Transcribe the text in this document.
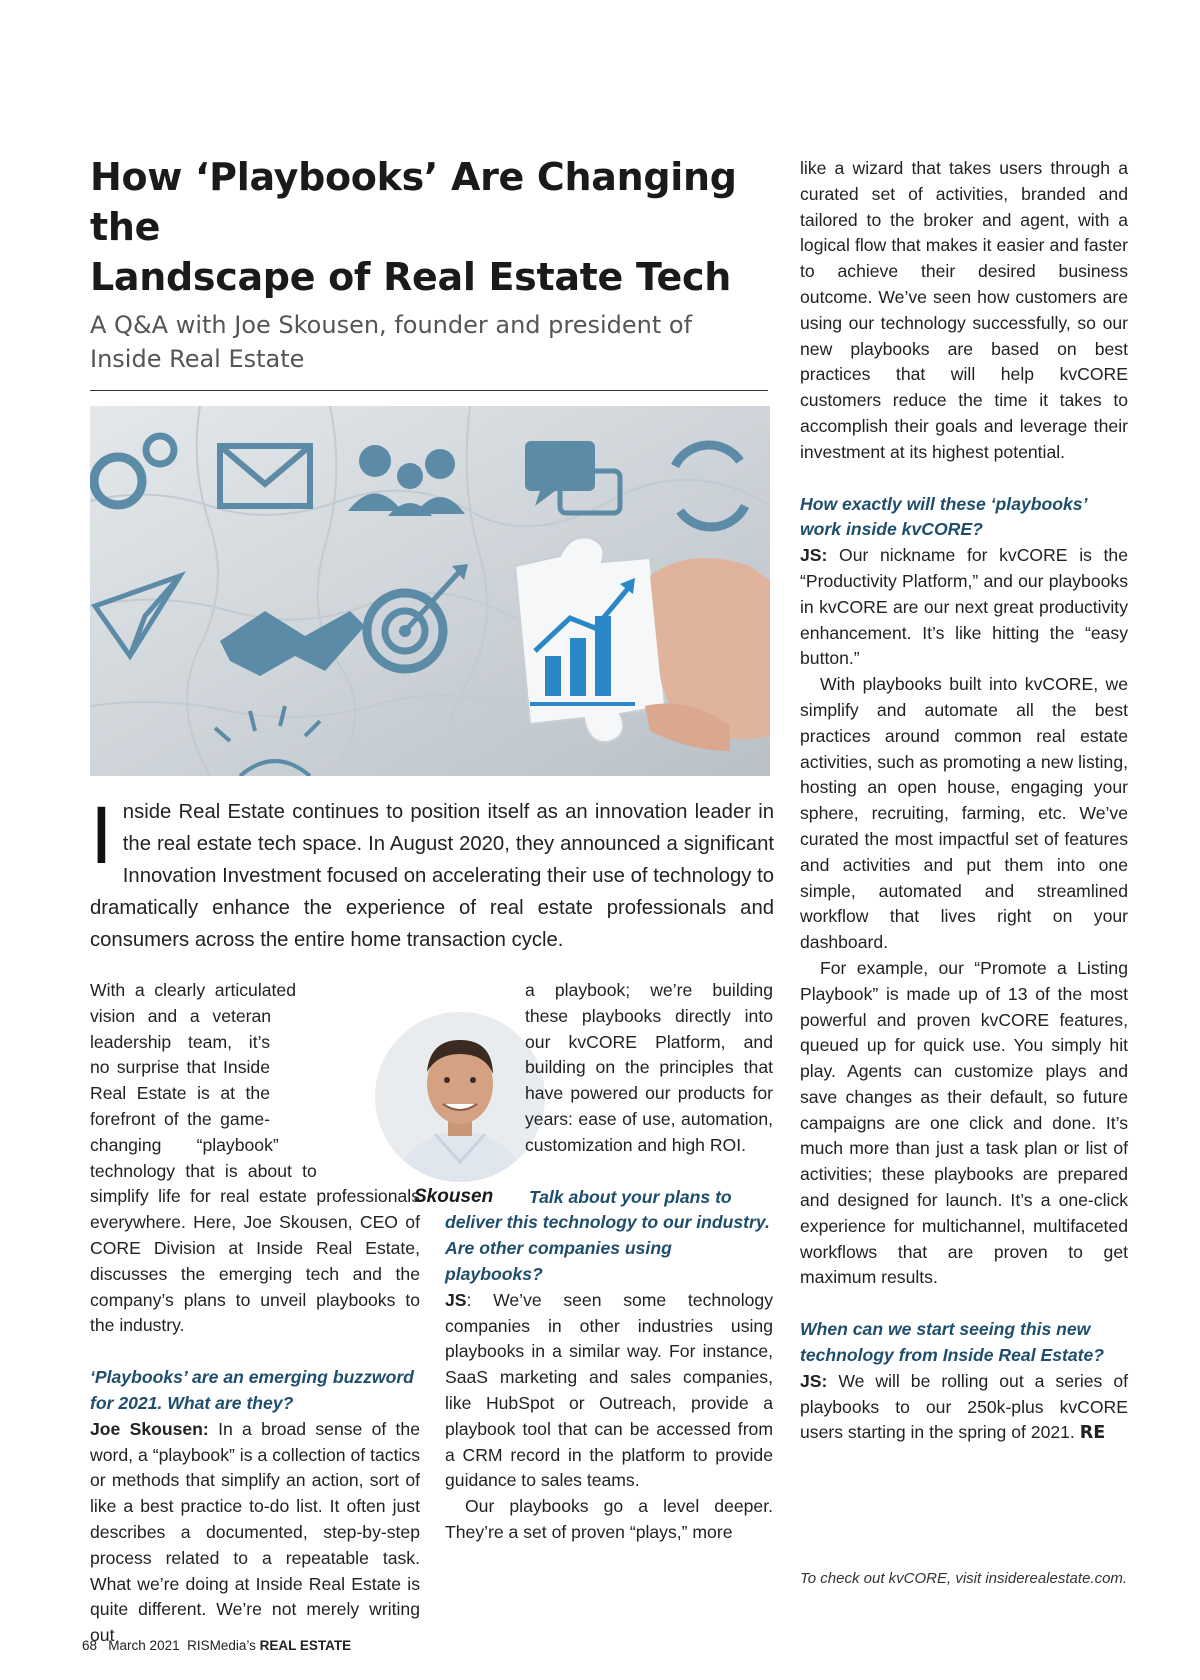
How ‘Playbooks’ Are Changing the
Landscape of Real Estate Tech
A Q&A with Joe Skousen, founder and president of
Inside Real Estate
I nside Real Estate continues to position itself as an innovation leader in the real estate tech space. In August 2020, they announced a significant Innovation Investment focused on accelerating their use of technology to dramatically enhance the experience of real estate professionals and consumers across the entire home transaction cycle.

With a clearly articulated vision and a veteran leadership team, it’s no surprise that Inside Real Estate is at the forefront of the game-changing “playbook” technology that is about to simplify life for real estate professionals everywhere. Here, Joe Skousen, CEO of CORE Division at Inside Real Estate, discusses the emerging tech and the company’s plans to unveil playbooks to the industry.

‘Playbooks’ are an emerging buzzword for 2021. What are they?

Joe Skousen: In a broad sense of the word, a “playbook” is a collection of tactics or methods that simplify an action, sort of like a best practice to-do list. It often just describes a documented, step-by-step process related to a repeatable task. What we’re doing at Inside Real Estate is quite different. We’re not merely writing out

Skousen

a playbook; we’re building these playbooks directly into our kvCORE Platform, and building on the principles that have powered our products for years: ease of use, automation, customization and high ROI.

Talk about your plans to deliver this technology to our industry. Are other companies using playbooks?

JS: We’ve seen some technology companies in other industries using playbooks in a similar way. For instance, SaaS marketing and sales companies, like HubSpot or Outreach, provide a playbook tool that can be accessed from a CRM record in the platform to provide guidance to sales teams.

Our playbooks go a level deeper. They’re a set of proven “plays,” more

like a wizard that takes users through a curated set of activities, branded and tailored to the broker and agent, with a logical flow that makes it easier and faster to achieve their desired business outcome. We’ve seen how customers are using our technology successfully, so our new playbooks are based on best practices that will help kvCORE customers reduce the time it takes to accomplish their goals and leverage their investment at its highest potential.

How exactly will these ‘playbooks’ work inside kvCORE?

JS: Our nickname for kvCORE is the “Productivity Platform,” and our playbooks in kvCORE are our next great productivity enhancement. It’s like hitting the “easy button.”

With playbooks built into kvCORE, we simplify and automate all the best practices around common real estate activities, such as promoting a new listing, hosting an open house, engaging your sphere, recruiting, farming, etc. We’ve curated the most impactful set of features and activities and put them into one simple, automated and streamlined workflow that lives right on your dashboard.

For example, our “Promote a Listing Playbook” is made up of 13 of the most powerful and proven kvCORE features, queued up for quick use. You simply hit play. Agents can customize plays and save changes as their default, so future campaigns are one click and done. It’s much more than just a task plan or list of activities; these playbooks are prepared and designed for launch. It’s a one-click experience for multichannel, multifaceted workflows that are proven to get maximum results.

When can we start seeing this new technology from Inside Real Estate?

JS: We will be rolling out a series of playbooks to our 250k-plus kvCORE users starting in the spring of 2021. RE

To check out kvCORE, visit insiderealestate.com.
68 March 2021 RISMedia’s REAL ESTATE
